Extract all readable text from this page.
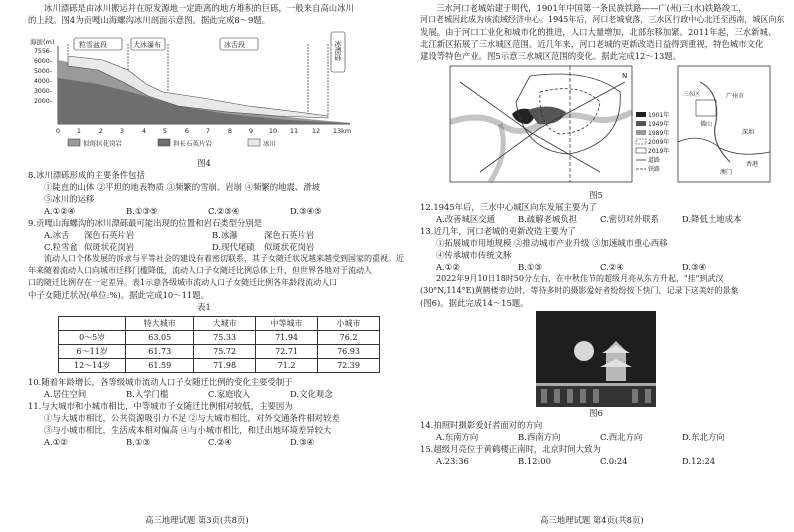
冰川漂砾是由冰川搬运并在原发源地一定距离的地方堆积的巨砾，一般来自高山冰川

的上段。图4为贡嘎山海螺沟冰川剖面示意图。据此完成8～9题。

海拔(m)
7556-
6000-
5000-
4000-
3000-
2000-
粒雪盆段	大冰瀑布	冰舌段	冰漂砾
0	1	2	3	4	5	6	7	8	9 10 11 12 13km
似斑状花岗岩	斜长石英片岩	冰川

图4

8.冰川漂砾形成的主要条件包括

①陡直的山体 ②平坦的地表物质 ③频繁的雪崩、岩崩 ④频繁的地震、滑坡

⑤冰川的运移

A.①②④	B.①③⑤	C.②③④	D.③④⑤

9.贡嘎山海螺沟的冰川漂砾最可能出现的位置和岩石类型分别是

A.冰舌	深色石英片岩	B.冰瀑	深色石英片岩
C.粒雪盆 似斑状花岗岩	D.现代尾碛	似斑状花岗岩

流动人口个体发展的诉求与平等社会的建设有着密切联系，其子女随迁状况越来越受到国家的重视。近

年来随着流动人口向城市迁移门槛降低，流动人口子女随迁比例总体上升，但世界各地对于流动人

口的随迁比例存在一定差异。表1示意各级城市流动人口子女随迁比例各年龄段流动人口

中子女随迁状况(单位:%)。据此完成10～11题。

表1

	特大城市	大城市	中等城市	小城市
0～5岁	63.05	75.33	71.94	76.2
6～11岁	61.73	75.72	72.71	76.93
12～14岁	61.59	71.98	71.2	72.39

10.随着年龄增长，各等级城市流动人口子女随迁比例的变化主要受制于

A.居住空间	B.入学门槛	C.家庭收入	D.文化观念

11.与大城市和小城市相比，中等城市子女随迁比例相对较低，主要因为

①与大城市相比，公共资源吸引力不足 ②与大城市相比，对外交通条件相对较差

③与小城市相比，生活成本相对偏高 ④与小城市相比，和迁出地环境差异较大

A.①②	B.①③	C.②④	D.③④
高三地理试题 第3页(共8页)

三水河口老城始建于明代，1901年中国第一条民族铁路——广(州)三(水)铁路竣工，

河口老城因此成为该流域经济中心。1945年后，河口老城衰落，三水区行政中心北迁至西南，城区向东

发展。由于河口工业化和城市化的推进，人口大量增加，北部东移加紧。2011年起，三水新城、

北江新区拓展了三水城区范围。近几年来，河口老城的更新改造日益得到重视，特色城市文化

建设等特色产业。图5示意三水城区范围的变化。据此完成12～13题。

N
1901年
1949年
1989年
2009年
2019年
道路
铁路
广州市
三水区
深圳
佛山
香港
澳门

图5

12.1945年后，三水中心城区向东发展主要为了

A.改善城区交通	B.疏解老城负担	C.密切对外联系	D.降低土地成本

13.近几年，河口老城的更新改造主要为了

①拓展城市用地规模 ②推动城市产业升级 ③加速城市重心西移

④传承城市传统文脉

A.①②	B.①③	C.②④	D.③④

2022年9月10日18时50分左右，在中秋佳节的超级月亮从东方升起，"挂"到武汉

(30°N,114°E)黄鹤楼旁边时，等待多时的摄影爱好者纷纷按下快门，记录下这美好的景象

(图6)。据此完成14～15题。

图6

14.拍照时摄影爱好者面对的方向

A.东南方向	B.西南方向	C.西北方向	D.东北方向

15.超级月亮位于黄鹤楼正南时，北京时间大致为

A.23:36	B.12:00	C.0:24	D.12:24
高三地理试题 第4页(共8页)
